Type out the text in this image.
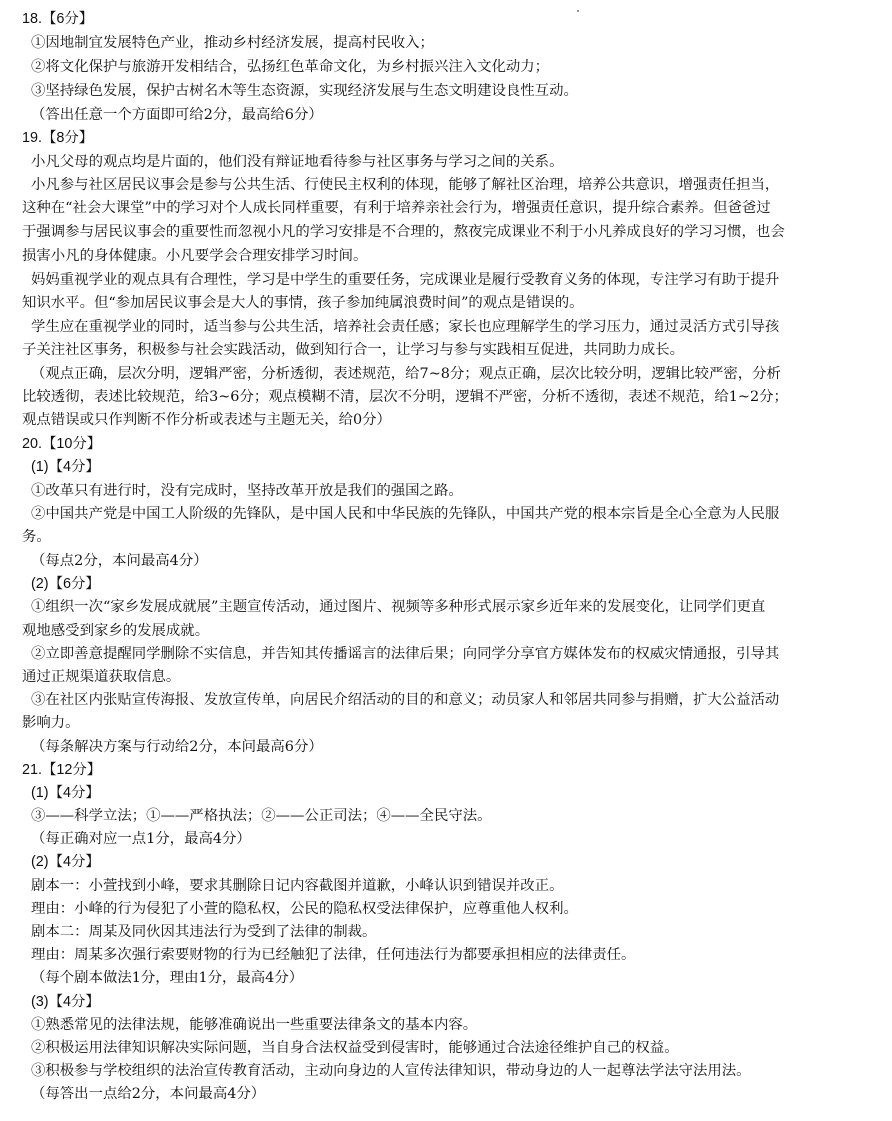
18.【6分】
①因地制宜发展特色产业，推动乡村经济发展，提高村民收入；
②将文化保护与旅游开发相结合，弘扬红色革命文化，为乡村振兴注入文化动力；
③坚持绿色发展，保护古树名木等生态资源，实现经济发展与生态文明建设良性互动。
（答出任意一个方面即可给2分，最高给6分）
19.【8分】
小凡父母的观点均是片面的，他们没有辩证地看待参与社区事务与学习之间的关系。
小凡参与社区居民议事会是参与公共生活、行使民主权利的体现，能够了解社区治理，培养公共意识，增强责任担当，
这种在“社会大课堂”中的学习对个人成长同样重要，有利于培养亲社会行为，增强责任意识，提升综合素养。但爸爸过
于强调参与居民议事会的重要性而忽视小凡的学习安排是不合理的，熬夜完成课业不利于小凡养成良好的学习习惯，也会
损害小凡的身体健康。小凡要学会合理安排学习时间。
妈妈重视学业的观点具有合理性，学习是中学生的重要任务，完成课业是履行受教育义务的体现，专注学习有助于提升
知识水平。但“参加居民议事会是大人的事情，孩子参加纯属浪费时间”的观点是错误的。
学生应在重视学业的同时，适当参与公共生活，培养社会责任感；家长也应理解学生的学习压力，通过灵活方式引导孩
子关注社区事务，积极参与社会实践活动，做到知行合一，让学习与参与实践相互促进，共同助力成长。
（观点正确，层次分明，逻辑严密，分析透彻，表述规范，给7~8分；观点正确，层次比较分明，逻辑比较严密，分析
比较透彻，表述比较规范，给3~6分；观点模糊不清，层次不分明，逻辑不严密，分析不透彻，表述不规范，给1~2分；
观点错误或只作判断不作分析或表述与主题无关，给0分）
20.【10分】
(1)【4分】
①改革只有进行时，没有完成时，坚持改革开放是我们的强国之路。
②中国共产党是中国工人阶级的先锋队，是中国人民和中华民族的先锋队，中国共产党的根本宗旨是全心全意为人民服
务。
（每点2分，本问最高4分）
(2)【6分】
①组织一次“家乡发展成就展”主题宣传活动，通过图片、视频等多种形式展示家乡近年来的发展变化，让同学们更直
观地感受到家乡的发展成就。
②立即善意提醒同学删除不实信息，并告知其传播谣言的法律后果；向同学分享官方媒体发布的权威灾情通报，引导其
通过正规渠道获取信息。
③在社区内张贴宣传海报、发放宣传单，向居民介绍活动的目的和意义；动员家人和邻居共同参与捐赠，扩大公益活动
影响力。
（每条解决方案与行动给2分，本问最高6分）
21.【12分】
(1)【4分】
③——科学立法；①——严格执法；②——公正司法；④——全民守法。
（每正确对应一点1分，最高4分）
(2)【4分】
剧本一：小萱找到小峰，要求其删除日记内容截图并道歉，小峰认识到错误并改正。
理由：小峰的行为侵犯了小萱的隐私权，公民的隐私权受法律保护，应尊重他人权利。
剧本二：周某及同伙因其违法行为受到了法律的制裁。
理由：周某多次强行索要财物的行为已经触犯了法律，任何违法行为都要承担相应的法律责任。
（每个剧本做法1分，理由1分，最高4分）
(3)【4分】
①熟悉常见的法律法规，能够准确说出一些重要法律条文的基本内容。
②积极运用法律知识解决实际问题，当自身合法权益受到侵害时，能够通过合法途径维护自己的权益。
③积极参与学校组织的法治宣传教育活动，主动向身边的人宣传法律知识，带动身边的人一起尊法学法守法用法。
（每答出一点给2分，本问最高4分）
